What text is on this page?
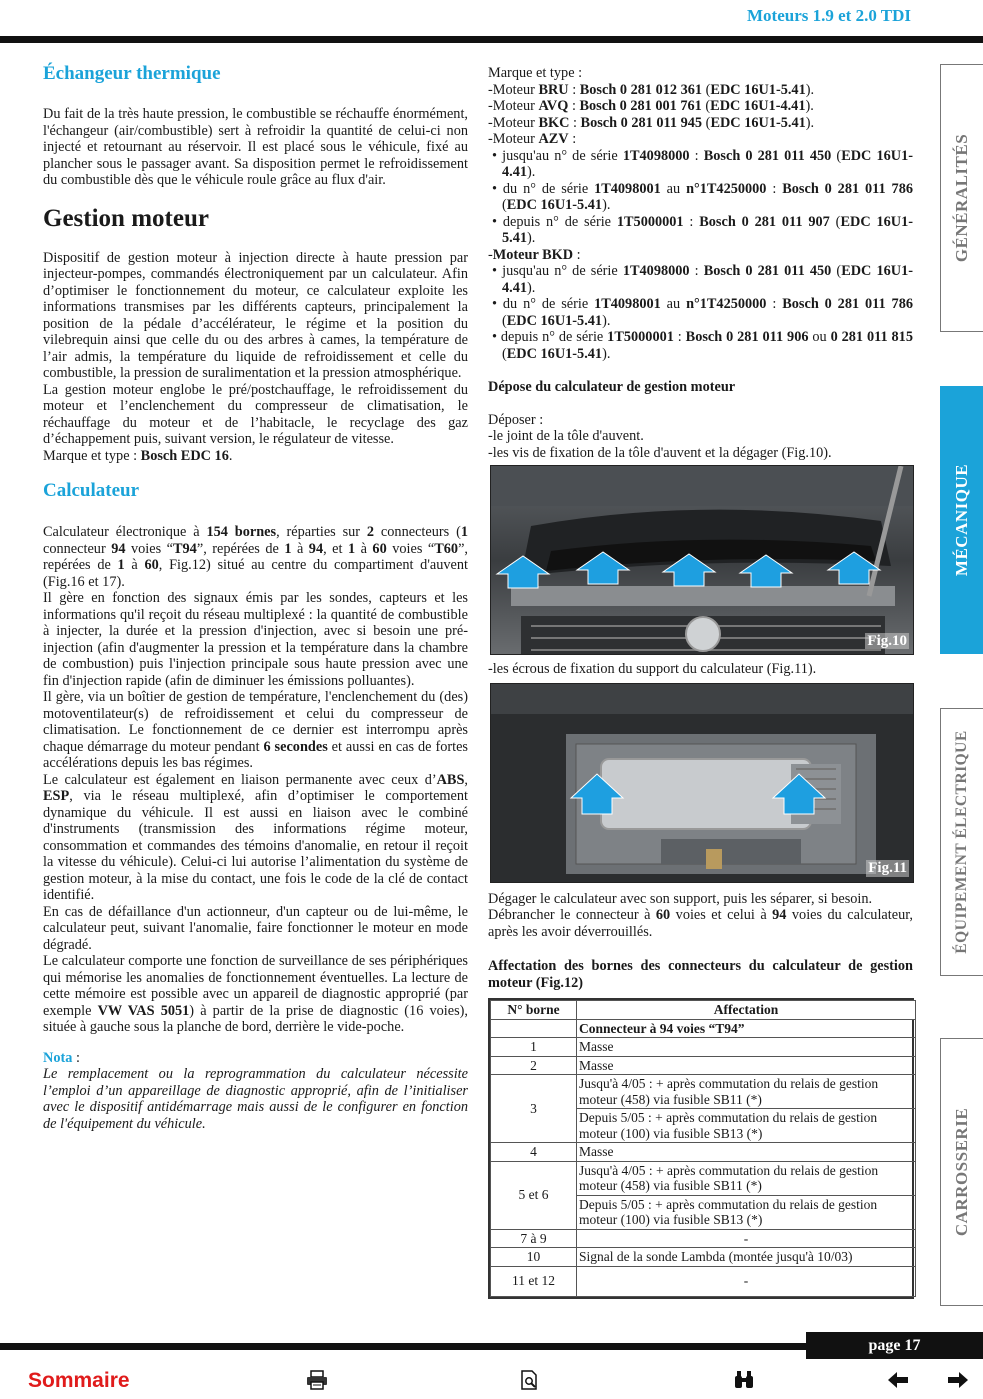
Moteurs 1.9 et 2.0 TDI
Échangeur thermique

Du fait de la très haute pression, le combustible se réchauffe énormément, l'échangeur (air/combustible) sert à refroidir la quantité de celui-ci non injecté et retournant au réservoir. Il est placé sous le véhicule, fixé au plancher sous le passager avant. Sa disposition permet le refroidissement du combustible dès que le véhicule roule grâce au flux d'air.

Gestion moteur

Dispositif de gestion moteur à injection directe à haute pression par injecteur-pompes, commandés électroniquement par un calculateur. Afin d’optimiser le fonctionnement du moteur, ce calculateur exploite les informations transmises par les différents capteurs, principalement la position de la pédale d’accélérateur, le régime et la position du vilebrequin ainsi que celle du ou des arbres à cames, la température de l’air admis, la température du liquide de refroidissement et celle du combustible, la pression de suralimentation et la pression atmosphérique.

La gestion moteur englobe le pré/postchauffage, le refroidissement du moteur et l’enclenchement du compresseur de climatisation, le réchauffage du moteur et de l’habitacle, le recyclage des gaz d’échappement puis, suivant version, le régulateur de vitesse.

Marque et type : Bosch EDC 16.

Calculateur

Calculateur électronique à 154 bornes, réparties sur 2 connecteurs (1 connecteur 94 voies “T94”, repérées de 1 à 94, et 1 à 60 voies “T60”, repérées de 1 à 60, Fig.12) situé au centre du compartiment d'auvent (Fig.16 et 17).

Il gère en fonction des signaux émis par les sondes, capteurs et les informations qu'il reçoit du réseau multiplexé : la quantité de combustible à injecter, la durée et la pression d'injection, avec si besoin une pré-injection (afin d'augmenter la pression et la température dans la chambre de combustion) puis l'injection principale sous haute pression avec une fin d'injection rapide (afin de diminuer les émissions polluantes).

Il gère, via un boîtier de gestion de température, l'enclenchement du (des) motoventilateur(s) de refroidissement et celui du compresseur de climatisation. Le fonctionnement de ce dernier est interrompu après chaque démarrage du moteur pendant 6 secondes et aussi en cas de fortes accélérations depuis les bas régimes.

Le calculateur est également en liaison permanente avec ceux d’ABS, ESP, via le réseau multiplexé, afin d’optimiser le comportement dynamique du véhicule. Il est aussi en liaison avec le combiné d'instruments (transmission des informations régime moteur, consommation et commandes des témoins d'anomalie, en retour il reçoit la vitesse du véhicule). Celui-ci lui autorise l’alimentation du système de gestion moteur, à la mise du contact, une fois le code de la clé de contact identifié.

En cas de défaillance d'un actionneur, d'un capteur ou de lui-même, le calculateur peut, suivant l'anomalie, faire fonctionner le moteur en mode dégradé.

Le calculateur comporte une fonction de surveillance de ses périphériques qui mémorise les anomalies de fonctionnement éventuelles. La lecture de cette mémoire est possible avec un appareil de diagnostic approprié (par exemple VW VAS 5051) à partir de la prise de diagnostic (16 voies), située à gauche sous la planche de bord, derrière le vide-poche.

Nota :

Le remplacement ou la reprogrammation du calculateur nécessite l’emploi d’un appareillage de diagnostic approprié, afin de l’initialiser avec le dispositif antidémarrage mais aussi de le configurer en fonction de l'équipement du véhicule.

Marque et type :

-Moteur BRU : Bosch 0 281 012 361 (EDC 16U1-5.41).

-Moteur AVQ : Bosch 0 281 001 761 (EDC 16U1-4.41).

-Moteur BKC : Bosch 0 281 011 945 (EDC 16U1-5.41).

-Moteur AZV :

• jusqu'au n° de série 1T4098000 : Bosch 0 281 011 450 (EDC 16U1-4.41).

• du n° de série 1T4098001 au n°1T4250000 : Bosch 0 281 011 786 (EDC 16U1-5.41).

• depuis n° de série 1T5000001 : Bosch 0 281 011 907 (EDC 16U1-5.41).

-Moteur BKD :

• jusqu'au n° de série 1T4098000 : Bosch 0 281 011 450 (EDC 16U1-4.41).

• du n° de série 1T4098001 au n°1T4250000 : Bosch 0 281 011 786 (EDC 16U1-5.41).

• depuis n° de série 1T5000001 : Bosch 0 281 011 906 ou 0 281 011 815 (EDC 16U1-5.41).

Dépose du calculateur de gestion moteur

Déposer :

-le joint de la tôle d'auvent.

-les vis de fixation de la tôle d'auvent et la dégager (Fig.10).

Fig.10

-les écrous de fixation du support du calculateur (Fig.11).

Fig.11

Dégager le calculateur avec son support, puis les séparer, si besoin.

Débrancher le connecteur à 60 voies et celui à 94 voies du calculateur, après les avoir déverrouillés.

Affectation des bornes des connecteurs du calculateur de gestion moteur (Fig.12)

N° borne	Affectation
	Connecteur à 94 voies “T94”
1	Masse
2	Masse
3	Jusqu'à 4/05 : + après commutation du relais de gestion moteur (458) via fusible SB11 (*)
	Depuis 5/05 : + après commutation du relais de gestion moteur (100) via fusible SB13 (*)
4	Masse
5 et 6	Jusqu'à 4/05 : + après commutation du relais de gestion moteur (458) via fusible SB11 (*)
	Depuis 5/05 : + après commutation du relais de gestion moteur (100) via fusible SB13 (*)
7 à 9	-
10	Signal de la sonde Lambda (montée jusqu'à 10/03)
11 et 12	-
GÉNÉRALITÉS
MÉCANIQUE
ÉQUIPEMENT ÉLECTRIQUE
CARROSSERIE
page 17
Sommaire
